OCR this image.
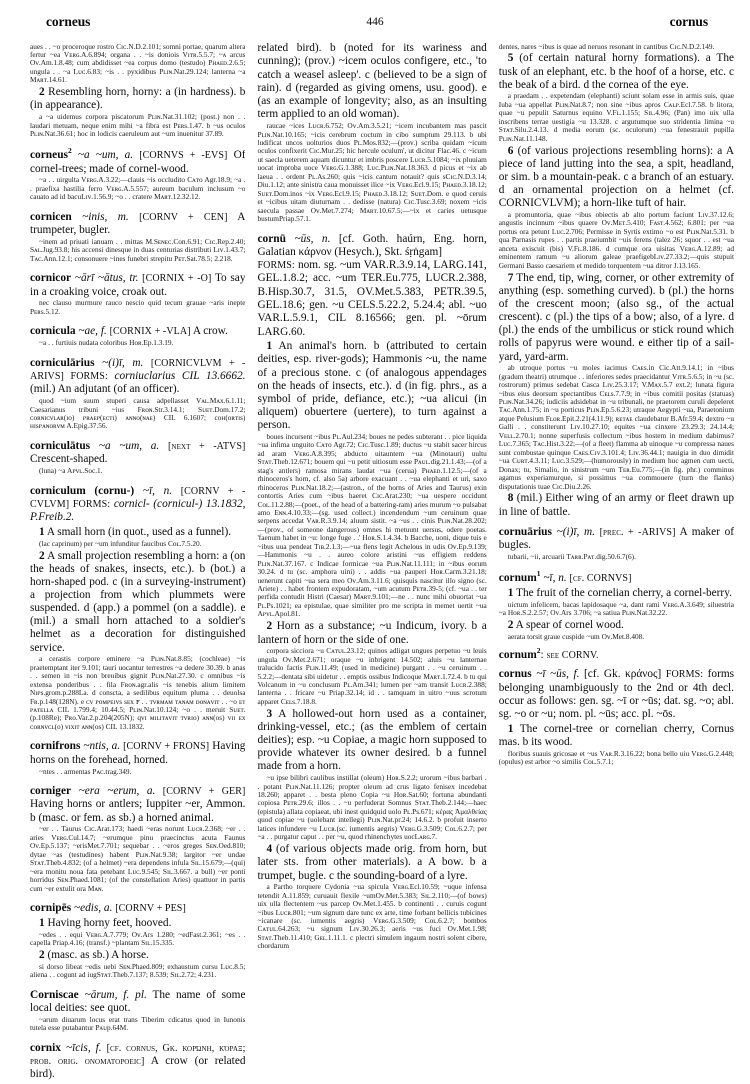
corneus	446	cornus
aues . . ~o proceroque rostro Cɪᴄ.N.D.2.101; somni portae, quarum altera fertur ~ea Vᴇʀɢ.A.6.894; organa . . ~is doniois Vɪᴛʀ.5.5.7; ~ᴀ arcus Oᴠ.Am.1.8.48; cum abdidisset ~ea corpus domo (testudo) Pʜᴀᴇᴅ.2.6.5; ungula . . ~a Lᴜᴄ.6.83; ~is . . pyxidibus Pʟɪɴ.Nat.29.124; lanterna ~a Mᴀʀᴛ.14.61.

2 Resembling horn, horny: a (in hardness). b (in appearance).

a ~a uidemus corpora piscatorum Pʟɪɴ.Nat.31.102; (post.) non . . laudari metuam, neque enim mihi ~a fibra est Pᴇʀs.1.47. b ~us oculos Pʟɪɴ.Nat.36.61; hoc in lodicis caeruleum aut ~um inuenitur 37.89.

corneus$^2$ ~a ~um, a. [CORNVS + -EVS] Of cornel-trees; made of cornel-wood.

~a . . uirgulta Vᴇʀɢ.A.3.22;—clauis ~is occludito Cᴀᴛᴏ Agr.18.9; ~a . . praefixa hastilia ferro Vᴇʀɢ.A.5.557; aureum baculum inclusum ~o cauato ad id bacuLɪᴠ.1.56.9; ~o . . cratere Mᴀʀᴛ.12.32.12.

cornicen ~inis, m. [CORNV + CEN] A trumpeter, bugler.

~inem ad priuati ianuam . . mittas M.Sᴇɴᴇᴄ.Con.6.91; Cɪᴄ.Rep.2.40; Sᴀʟ.Jug.93.8; his accensi dinesque in duas centurias distributi Lɪᴠ.1.43.7; Tᴀᴄ.Ann.12.1; consonuere ~ines funebri strepitu Pᴇᴛ.Sat.78.5; 2.218.

cornicor ~ārī ~ātus, tr. [CORNIX + -O] To say in a croaking voice, croak out.

nec clauso murmure rauco nescio quid tecum grauae ~aris inepte Pᴇʀs.5.12.

cornicula ~ae, f. [CORNIX + -VLA] A crow.

~a . . furtiuis nudata coloribus Hᴏʀ.Ep.1.3.19.

corniculārius ~(i)ī, m. [CORNICVLVM + -ARIVS] FORMS: corniuclarius CIL 13.6662. (mil.) An adjutant (of an officer).

quod ~ium suum stuperi causa adpellasset Vᴀʟ.Mᴀx.6.1.11; Caesarianus tribuni ~ius Fʀᴏɴ.Str.3.14.1; Sᴜᴇᴛ.Dom.17.2; ᴄᴏʀɴɪᴄᴠʟᴀʀ(ɪᴏ) ᴘʀᴀᴇᴘ(ᴇᴄᴛɪ) ᴀɴɴᴏ(ɴᴀᴇ) CIL 6.1607; coʜ(ᴏʀᴛɪs) ʜɪsᴘᴀɴᴏʀᴠᴍ A.Epig.37.56.

corniculātus ~a ~um, a. [next + -ATVS] Crescent-shaped.

(luna) ~a Aᴘᴠʟ.Soc.1.

corniculum (cornu-) ~ī, n. [CORNV + -CVLVM] FORMS: cornicl- (cornicul-) 13.1832, P.Freib.2.

1 A small horn (in quot., used as a funnel).

(lac caprinum) per ~um infunditur faucibus Cᴏʟ.7.5.20.

2 A small projection resembling a horn: a (on the heads of snakes, insects, etc.). b (bot.) a horn-shaped pod. c (in a surveying-instrument) a projection from which plummets were suspended. d (app.) a pommel (on a saddle). e (mil.) a small horn attached to a soldier's helmet as a decoration for distinguished service.

a cerastis corpore eminere ~a Pʟɪɴ.Nat.8.85; (cochleae) ~is praetemptant iter 9.101; tauri uocantur terrestres ~a dedere 30.39. b anas . . semen in ~is non breuibus gignit Pʟɪɴ.Nat.27.30. c omnibus ~is extensa ponderibus . . fila Fʀᴏɴ.agr.alis ~is tenebis alium limitem Nɪᴘs.grom.p.288La. d conscta, a sedilibus equitum pluma . . deuolsa Fʀ.p.148(128N). e ᴄᴠ ᴘᴏᴍᴘᴇɪᴠs sᴇx ꜰ . . ᴛᴠʀᴍᴀᴍ ᴛᴀɴᴀᴍ ᴅᴏɴᴀᴠɪᴛ . . ~ᴏ ᴇᴛ ᴘᴀᴛᴇʟʟᴀ CIL 1.799.4; 10.44.5; Pʟɪɴ.Nat.10.124; ~o . . meruit Sᴜᴇᴛ.(p.108Re); Pʀᴏ.Var.2.p.204(205N); qvɪ ᴍɪʟɪᴛᴀᴠɪᴛ ᴛᴠʀɪᴏ) ᴀɴɴ(ᴏs) ᴠɪɪ ᴇx ᴄᴏʀɴᴠᴄʟ(ᴏ) ᴠɪxɪᴛ ᴀɴɴ(ᴏs) CIL 13.1832.

cornifrons ~ntis, a. [CORNV + FRONS] Having horns on the forehead, horned.

~ntes . . armentas Pᴀᴄ.trag.349.

corniger ~era ~erum, a. [CORNV + GER] Having horns or antlers; Iuppiter ~er, Ammon. b (masc. or fem. as sb.) a horned animal.

~er . . Taurus Cɪᴄ.Arat.173; haedi ~eras norunt Lᴜᴄʀ.2.368; ~er . . aries Vᴇʀɢ.Cul.14.7; ~erumque pinu praecinctus acuta Faunus Oᴠ.Ep.5.137; ~erisMet.7.701; sequebar . . ~eros greges Sᴇɴ.Oed.810; dytae ~as (testudines) habent Pʟɪɴ.Nat.9.38; largitor ~er undae Sᴛᴀᴛ.Theb.4.832; (of a helmet) ~era dependens infula Sɪʟ.15.679;—(qui) ~era monitu noua fata petebant Lᴜᴄ.9.545; Sɪʟ.3.667. a bull) ~er ponti horridus Sᴇɴ.Phaed.1081; (of the constellation Aries) quattuor in partis cum ~er extulit ora Mᴀɴ.

cornipēs ~edis, a. [CORNV + PES]

1 Having horny feet, hooved.

~edes . . equi Vᴇʀɢ.A.7.779; Oᴠ.Ars 1.280; ~edFast.2.361; ~es . . capella Priap.4.16; (transf.) ~plantam Sɪʟ.15.335.

2 (masc. as sb.) A horse.

si dorso libeat ~edis uebi Sᴇɴ.Phaed.809; exhaustum cursu Lᴜᴄ.8.5; aliena . . cogunt ad iugSᴛᴀᴛ.Theb.7.137; 8.539; Sɪʟ.2.72; 4.231.

Corniscae ~ārum, f. pl. The name of some local deities: see quot.

~arum diuarum locus erat trans Tiberim cdicatus quod in Iunonis tutela esse putabantur Pᴀᴜp.64M.

cornix ~īcis, f. [cf. cornus, Gk. κορώνη, κόραξ; prob. orig. onomatopoeic] A crow (or related bird).

related bird). b (noted for its wariness and cunning); (prov.) ~icem oculos configere, etc., 'to catch a weasel asleep'. c (believed to be a sign of rain). d (regarded as giving omens, usu. good). e (as an example of longevity; also, as an insulting term applied to an old woman).

raucae ~ices Lᴜᴄʀ.6.752; Oᴠ.Am.3.5.21; ~icem incubantem mas pascit Pʟɪɴ.Nat.10.165; ~icis cerebrum coctum in cibo sumptum 29.113. b ubi ludificat uncos uolturios duos Pʟ.Mos.832;—(prov.) scriba quidam ~icum oculos confixerit Cɪᴄ.Mur.25; hic hercule oculum', ut dicitur Flac.46. c ~icum ut saecla ueterem aquam dicuntur et imbris poscere Lᴜᴄʀ.5.1084; ~ix pluuiam uocat improba uoce Vᴇʀɢ.G.1.388; Lᴜᴄ.Pʟɪɴ.Nat.18.363. d picus et ~ix ab laeua . . ordent Pʟ.As.260; quis ~icis cantum notauit? quis sCɪᴄ.N.D.3.14; Diu.1.12; ante sinistra caua monuisset ilice ~ix Vᴇʀɢ.Ecl.9.15; Pʜᴀᴇᴅ.3.18.12; Sᴜᴇᴛ.Dom.inos ~ix Vᴇʀɢ.Ecl.9.15; Pʜᴀᴇᴅ.3.18.12; Sᴜᴇᴛ.Dom. e quod ceruis et ~icibus uitam diuturnam . . dedisse (natura) Cɪᴄ.Tusc.3.69; noxem ~icis saecula passae Oᴠ.Met.7.274; Mᴀʀᴛ.10.67.5;—~ix et caries uetusque bustumPriap.57.1.

cornū ~ūs, n. [cf. Goth. haúrn, Eng. horn, Galatian κάρνον (Hesych.), Skt. śṛṅgam]

FORMS: nom. sg. ~um VAR.R.3.9.14, LARG.141, GEL.1.8.2; acc. ~um TER.Eu.775, LUCR.2.388, B.Hisp.30.7, 31.5, OV.Met.5.383, PETR.39.5, GEL.18.6; gen. ~u CELS.5.22.2, 5.24.4; abl. ~uo VAR.L.5.9.1, CIL 8.16566; gen. pl. ~ōrum LARG.60.

1 An animal's horn. b (attributed to certain deities, esp. river-gods); Hammonis ~u, the name of a precious stone. c (of analogous appendages on the heads of insects, etc.). d (in fig. phrs., as a symbol of pride, defiance, etc.); ~ua alicui (in aliquem) obuertere (uertere), to turn against a person.

boues incursent ~ibus Pʟ.Aul.234; boues ne pedes subterant . . pice liquida ~ua infima unguito Cᴀᴛᴏ Agr.72; Cɪᴄ.Tusc.1.89; ductus ~u stabit sacer hircus ad aram Vᴇʀɢ.A.8.395; abducto uitauntem ~ua (Minotauri) uultu Sᴛᴀᴛ.Theb.12.671; bouem qui ~u petit uitiosum esse Pᴀᴜʟ.dig.21.1.43;—(of a stag's antlers) ramosa mirans laudat ~ua (cerua) Pʜᴀᴇᴅ.1.12.5;—(of a rhinoceros's horn, cf. also 5a) arbore exacuant . . ~ua elephanti et uri, saxo rhinoceros Pʟɪɴ.Nat.18.2;—(astron., of the horns of Aries and Taurus) exin contortis Aries cum ~ibus haeret Cɪᴄ.Arat.230; ~ua uespere occidunt Cᴏʟ.11.2.88;—(poet., of the head of a battering-ram) aries murum ~o pulsabat amo Eɴɴ.4.10.33;—(sg. used collect.) incendendum ~um ceruinum quae serpens accedat Vᴀʀ.R.3.9.14; aluum sistit. ~a ~us . . cinis Pʟɪɴ.Nat.28.202;—(prov., of someone dangerous) omnes hi metuunt uersus, odere poetas. 'faenum habet in ~u: longe fuge . .' Hᴏʀ.S.1.4.34. b Bacche, uoni, dique tuis e ~ibus uua pendeat Tɪʙ.2.1.3;—~ua flens legit Achelous in udis Oᴠ.Ep.9.139;—Hammonis ~u . . aureo colore aristini ~us effigiem reddens Pʟɪɴ.Nat.37.167. c Indicae formicae ~ua Pʟɪɴ.Nat.11.111; in ~ibus eorum 30.24. d tu (sc. amphora uini) . . addis ~ua pauperi Hᴏʀ.Carm.3.21.18; uenerunt capiti ~ua sera meo Oᴠ.Am.3.11.6; quisquis nascitur illo signo (sc. Ariete) . . habet frontem expudoratam, ~um acutum Pᴇᴛʀ.39-5; (cf. ~ua . . ter perfida contudit Histri (Caesar) Mᴀʀᴛ.9.101;—ne . . nunc mihi obuortat ~ua Pʟ.Ps.1021; ea epistulae, quae similiter pro me scripta in memet uertit ~ua Aᴘᴠʟ.Apol.81.

2 Horn as a substance; ~u Indicum, ivory. b a lantern of horn or the side of one.

corpora sicciora ~u Cᴀᴛᴜʟ.23.12; quinos adligat ungues perpetuo ~u leuis ungula Oᴠ.Met.2.671; oraque ~u inbrigent 14.502; aluis ~u lanternae tralucido factis Pʟɪɴ.11.49; (used in medicine) purgant . . ~u ceruinum . . 5.2.2;—dentata sibi uidetur . . emptis ossibus Indicoque Mᴀʀᴛ.1.72.4. b tu qui Volcanum in ~u conclusum Pʟ.Am.341; lumen per ~am transit Lᴜᴄʀ.2.388; lanterna . . fricare ~u Priap.32.14; id . . tamquam in uitro ~uus scrotum apparet Cᴇʟs.7.18.8.

3 A hollowed-out horn used as a container, drinking-vessel, etc.; (as the emblem of certain deities); esp. ~u Copiae, a magic horn supposed to provide whatever its owner desired. b a funnel made from a horn.

~u ipse bilibri caulibus instillat (oleum) Hᴏʀ.S.2.2; urorum ~ibus barbari . . potant Pʟɪɴ.Nat.11.126; propter oleum ad crus ligato fenisex incedebat 18.260; apparet . . besta pleno Copia ~u Hᴏʀ.Sat.60; fortuna abundanti copiosa Pᴇᴛʀ.29.6; illos . . ~u perfuderat Somnus Sᴛᴀᴛ.Theb.2.144;—haec (epistula) allata copiaeat, ubi inest quidquid uolo Pʟ.Ps.671; κέρας Ἀμαλθείας quod copiae ~u (uolebant intellegi) Pʟɪɴ.Nat.pr.24; 14.6.2. b profuit inserto latices infundere ~u Lᴜᴄʀ.(sc. iumentis aegris) Vᴇʀɢ.G.3.509; Cᴏʟ.6.2.7; per ~a . . purgatur caput . . per ~u, quod rhinenchytes uocLᴀʀɢ.7.

4 (of various objects made orig. from horn, but later sts. from other materials). a A bow. b a trumpet, bugle. c the sounding-board of a lyre.

a Partho torquere Cydonia ~ua spicula Vᴇʀɢ.Ecl.10.59; ~uque infensa tetendit A.11.859; curuauit flexile ~umOv.Met.5.383; Sɪʟ.2.110;—(of bows) uix ulla flectentem ~us parcep Oᴠ.Met.1.455. b continenti . . curuis cogunt ~ibus Lᴜᴄʀ.801; ~um signum dare tunc ex arte, time forbant bellicis tubicines ~icanare (sc. iumentis aegris) Vᴇʀɢ.G.3.509; Cᴏʟ.6.2.7; bombos Cᴀᴛᴜʟ.64.263; ~u signum Lɪᴠ.30.26.3; aeris ~us fuci Oᴠ.Met.1.98; Sᴛᴀᴛ.Theb.11.410; Gᴇʟ.1.11.1. c plectri simulem ingaum nostri solent cibere, chordarum
dentes, nares ~ibus is quae ad neruos resonant in cantibus Cɪᴄ.N.D.2.149.

5 (of certain natural horny formations). a The tusk of an elephant, etc. b the hoof of a horse, etc. c the beak of a bird. d the cornea of the eye.

a praedam . . expetendam (elephanti) sciunt solam esse in armis suis, quae Iuba ~ua appellat Pʟɪɴ.Nat.8.7; non sine ~ibus apros Cᴀʟᴘ.Ecl.7.58. b litora, quae ~u pepulit Saturnus equino V.Fʟ.1.155; Sɪʟ.4.96; (Pan) imo uix ulla inscribens terrae uestigia ~u 13.328. c argutumque suo stridentia limina ~u Sᴛᴀᴛ.Silu.2.4.13. d media eorum (sc. oculorum) ~ua fenestrauit pupilla Pʟɪɴ.Nat.11.148.

6 (of various projections resembling horns): a A piece of land jutting into the sea, a spit, headland, or sim. b a mountain-peak. c a branch of an estuary. d an ornamental projection on a helmet (cf. CORNICVLVM); a horn-like tuft of hair.

a promuntoria, quae ~ibus obiectis ab alto portum faciunt Lɪᴠ.37.12.6; angustis incinnum ~ibus quaere Oᴠ.Mᴇᴛ.5.410; Fᴀsᴛ.4.562; 6.801; per ~ua portus ora petunt Lᴜᴄ.2.706; Permisse in Syrtis extimo ~o est Pʟɪɴ.Nat.5.31. b qua Parnasis rupes . . partis praeiumbit ~uis ferens (talez 26; squor . . est ~ua anceta exiscuit (bis) V.Fʟ.8.186. d cumque ora uisitas Vᴇʀɢ.A.12.89; ad eminentem ramum ~u aliorum galeae praefigebLɪᴠ.27.33.2;—quis stupuit Germani Basso caesariem et medido torquentem ~ua ditror J.13.165.

7 The end, tip, wing, corner, or other extremity of anything (esp. something curved). b (pl.) the horns of the crescent moon; (also sg., of the actual crescent). c (pl.) the tips of a bow; also, of a lyre. d (pl.) the ends of the umbilicus or stick round which rolls of papyrus were wound. e either tip of a sail-yard, yard-arm.

ab utroque portus ~u moles iacimus Cᴀᴇs.in Cic.Att.9.14.1; in ~ibus (gradum theatri) utrumque . . inferiores sedes praecidantur Vɪᴛʀ.5.6.5; in ~u (sc. rostrorum) primus sedebat Casca Lɪᴠ.25.3.17; V.Mᴀx.5.7 ext.2; lunata figura ~ibus eius deorsum spectantibus Cᴇʟs.7.7.9; in ~ibus comitii positas (statuas) Pʟɪɴ.Nat.34.26; iudiciis adsidebat in ~u tribunali, ne praetorem curuli depeleret Tᴀᴄ.Ann.1.75; in ~u porticus Pʟɪɴ.Ep.5.6.23; utraque Aegypti ~ua, Paraetonium atque Pelusium Fʟᴏʀ.Epit.2.21(4.11.9); ʀᴇᴛᴀᴇ claudebatur B.Afr.59.4; dextro ~u Galli . . constiterunt Lɪᴠ.10.27.10; equites ~ua cinxere 23.29.3; 24.14.4; Vᴇʟʟ.2.70.1; nonne superfusis collectum ~ibus hostem in medium dabimus? Lᴜᴄ.7.365; Tᴀᴄ.Hist.3.22;—(of a fleet) flamma ab uinoque ~u compressa naues sunt combustae quinque Cᴀᴇs.Cɪᴠ.3.101.4; Lɪᴠ.36.44.1; nauigia in duo dimidit ~ua Cᴜʀᴛ.4.3.11; Lᴜᴄ.3.529;—(humorously) in medium huc agmen cum uecti, Donax; tu, Simalio, in sinistrum ~um Tᴇʀ.Eu.775;—(in fig. phr.) comminus agamus experiamurque, si possimus ~ua commouere (turn the flanks) disputationis tuae Cɪᴄ.Diu.2.26.

8 (mil.) Either wing of an army or fleet drawn up in line of battle.

cornuārius ~(i)ī, m. [prec. + -ARIVS] A maker of bugles.

tubarii, ~ii, arcuarii Tᴀʀʀ.Pᴀᴛ.dig.50.6.7(6).

cornum$^1$ ~ī, n. [cf. CORNVS]

1 The fruit of the cornelian cherry, a cornel-berry.

uictum infelicem, bacas lapidosaque ~a, dant rami Vᴇʀɢ.A.3.649; siluestria ~a Hᴏʀ.S.2.2.57; Oᴠ.Ars 3.706; ~a satiua Pʟɪɴ.Nat.32.22.

2 A spear of cornel wood.

aerata torsit graue cuspide ~um Oᴠ.Met.8.408.

cornum$^2$: see CORNV.

cornus ~ī ~ūs, f. [cf. Gk. κράνος] FORMS: forms belonging unambiguously to the 2nd or 4th decl. occur as follows: gen. sg. ~ī or ~ūs; dat. sg. ~o; abl. sg. ~o or ~u; nom. pl. ~ūs; acc. pl. ~ōs.

1 The cornel-tree or cornelian cherry, Cornus mas. b its wood.

floribus suauis gricosae et ~us Vᴀʀ.R.3.16.22; bona bello uiu Vᴇʀɢ.G.2.448; (opulus) est arbor ~o similis Cᴏʟ.5.7.1;
